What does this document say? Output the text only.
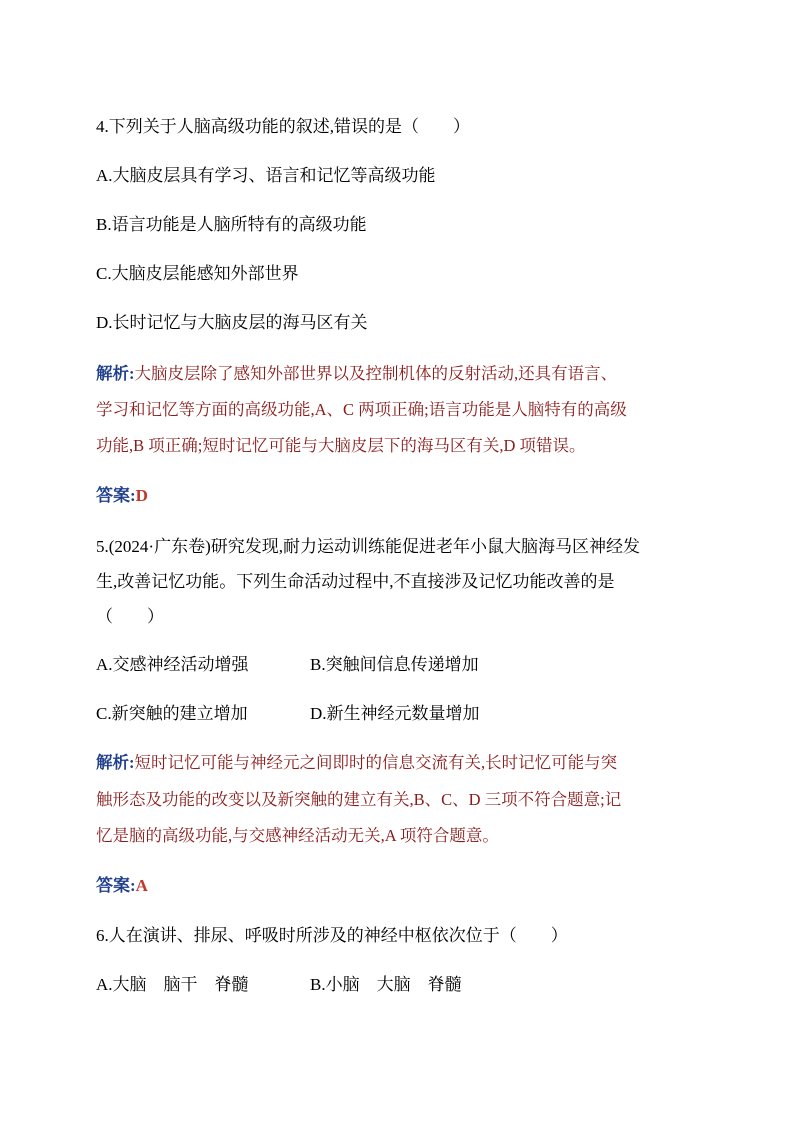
4.下列关于人脑高级功能的叙述,错误的是（　　）
A.大脑皮层具有学习、语言和记忆等高级功能
B.语言功能是人脑所特有的高级功能
C.大脑皮层能感知外部世界
D.长时记忆与大脑皮层的海马区有关
解析:大脑皮层除了感知外部世界以及控制机体的反射活动,还具有语言、
学习和记忆等方面的高级功能,A、C 两项正确;语言功能是人脑特有的高级
功能,B 项正确;短时记忆可能与大脑皮层下的海马区有关,D 项错误。
答案:D
5.(2024·广东卷)研究发现,耐力运动训练能促进老年小鼠大脑海马区神经发
生,改善记忆功能。下列生命活动过程中,不直接涉及记忆功能改善的是
（　　）
A.交感神经活动增强	B.突触间信息传递增加
C.新突触的建立增加	D.新生神经元数量增加
解析:短时记忆可能与神经元之间即时的信息交流有关,长时记忆可能与突
触形态及功能的改变以及新突触的建立有关,B、C、D 三项不符合题意;记
忆是脑的高级功能,与交感神经活动无关,A 项符合题意。
答案:A
6.人在演讲、排尿、呼吸时所涉及的神经中枢依次位于（　　）
A.大脑　脑干　脊髓	B.小脑　大脑　脊髓
